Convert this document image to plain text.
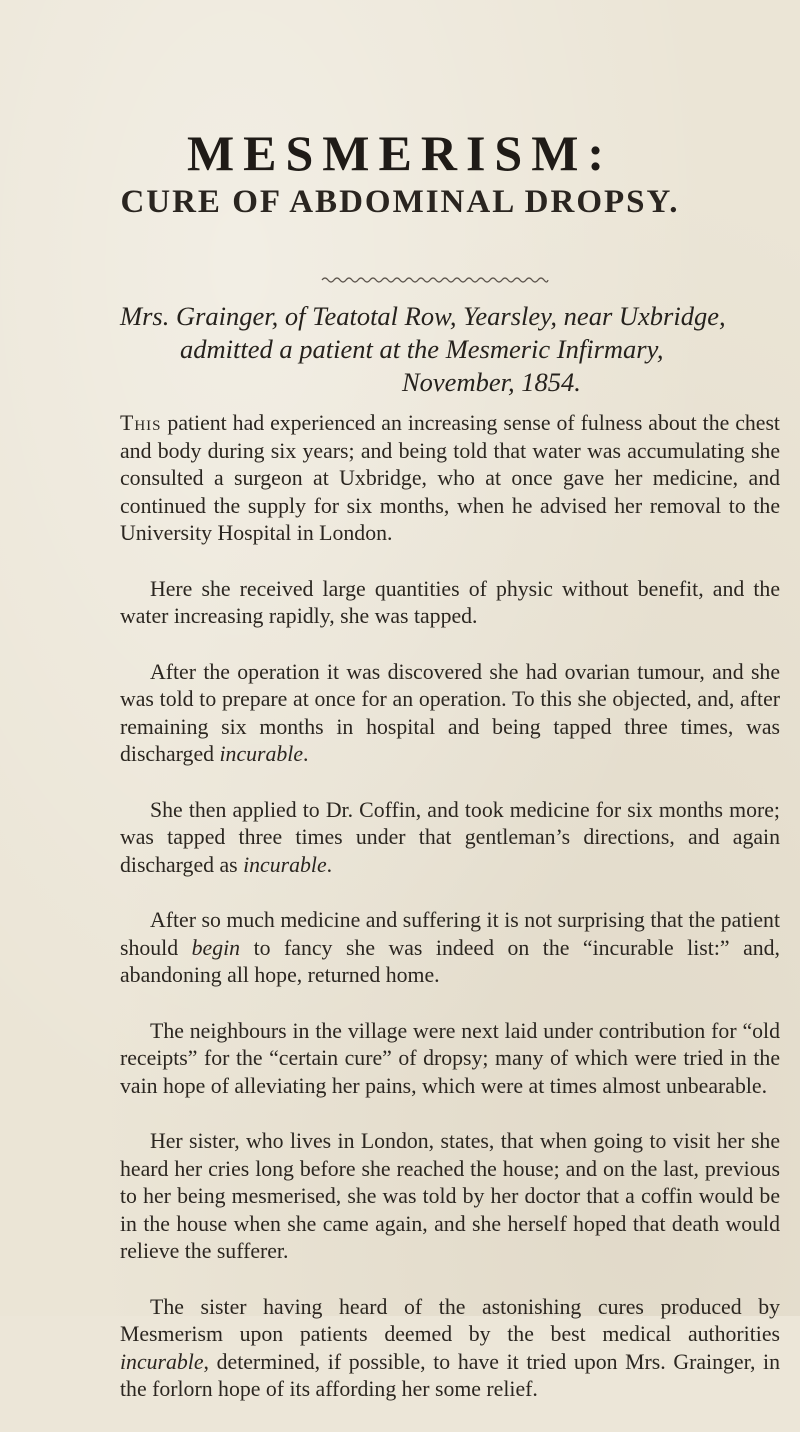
MESMERISM:
CURE OF ABDOMINAL DROPSY.

Mrs. Grainger, of Teatotal Row, Yearsley, near Uxbridge,
admitted a patient at the Mesmeric Infirmary,
November, 1854.

This patient had experienced an increasing sense of fulness about the chest and body during six years; and being told that water was accumulating she consulted a surgeon at Uxbridge, who at once gave her medicine, and continued the supply for six months, when he advised her removal to the University Hospital in London.

Here she received large quantities of physic without benefit, and the water increasing rapidly, she was tapped.

After the operation it was discovered she had ovarian tumour, and she was told to prepare at once for an operation. To this she objected, and, after remaining six months in hospital and being tapped three times, was discharged incurable.

She then applied to Dr. Coffin, and took medicine for six months more; was tapped three times under that gentleman’s directions, and again discharged as incurable.

After so much medicine and suffering it is not surprising that the patient should begin to fancy she was indeed on the “incurable list:” and, abandoning all hope, returned home.

The neighbours in the village were next laid under contribution for “old receipts” for the “certain cure” of dropsy; many of which were tried in the vain hope of alleviating her pains, which were at times almost unbearable.

Her sister, who lives in London, states, that when going to visit her she heard her cries long before she reached the house; and on the last, previous to her being mesmerised, she was told by her doctor that a coffin would be in the house when she came again, and she herself hoped that death would relieve the sufferer.

The sister having heard of the astonishing cures produced by Mesmerism upon patients deemed by the best medical authorities incurable, determined, if possible, to have it tried upon Mrs. Grainger, in the forlorn hope of its affording her some relief.
